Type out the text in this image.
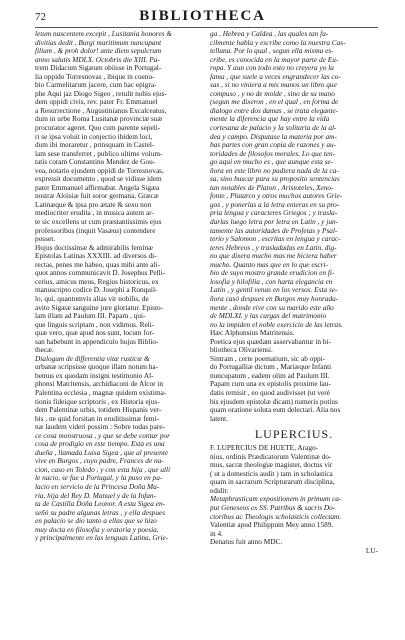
72	BIBLIOTHECA
letum nascentem excepit , Lusitania honores &
divitias dedit , Burgi maritimum nuncupant
filium , & proh dolor! ante diem sepulcrum
anno salutis MDLX. Octobris die XIII. Pa-
trem Didacum Sigæum obiisse in Portugal-
lia oppido Torresnovas , ibique in coeno-
bio Carmelitarum jacere, cum hac epigra-
phe Aqui jaz Diogo Sigeo , retulit nobis ejus-
dem oppidi civis, rev. pater Fr. Emmanuel
a Resurrectione , Augustinianus Excalceatus,
dum in urbe Roma Lusitanæ provinciæ suæ
procurator ageret. Quo cum parente sepeli-
ri se ipsa voluit in conjectio ibidem loci,
dum ibi moraretur , prinsquam in Castel-
lam sese transferret , publico ultime volum-
tatis coram Constantino Mendez de Gou-
vea, notario ejusdem oppidi de Torresnovas,
expressit documento , quod se vidisse idem
pater Emmanuel affirmabat. Angela Sigæa
nostræ Aloisiæ fuit soror germana, Græcæ
Latinæque & ipsa pro ætate & sexu non
mediocriter erudita , in musica autem ar-
te sic excellens ut cum præstantissimis ejus
professoribus (inquit Vasæus) contendere
posset.
Hujus doctissimæ & admirabilis feminæ
Epistolas Latinas XXXIII. ad diversos di-
rectas, penes me habeo, quas mihi ante ali-
quot annos communicavit D. Josephus Pelli-
cerius, amicus meus, Regius historicus, ex
manuscripto codice D. Josephi a Ronquil-
lo, qui, quantumvis alias vir nobilis, de
avito Sigææ sanguine jure gloriatur. Episto-
lam illam ad Paulum III. Papam , qui-
que linguis scriptam , non vidimus. Reli-
quæ vero, quæ apud nos sunt, locum for-
san habebunt in appendiculo hujus Biblio-
thecæ.
Dialogum de differentia vitæ rusticæ &
urbanæ scripsisse quoque illam notum ha-
bemus ex quodam insigni testimonio Al-
phonsi Matritensis, archidiaconi de Alcor in
Palentina ecclesia , magnæ quidem existima-
tionis fideique scriptoris , ex Historia ejus-
dem Palentinæ urbis, totidem Hispanis ver-
bis , ne quid forsitan in eruditissimæ femi-
næ laudem videri possim : Sobre todas pare-
ce cosa monstruosa , y que se debe contar por
cosa de prodigio en este tiempo. Esta es una
dueña , llamada Luisa Sigea , que al presente
vive en Burgos , cuyo padre, Frances de na-
cion, caso en Toledo , y con esta hija , que alli
le nacio, se fue a Portugal, y la puso en pa-
lacio en servicio de la Princesa Doña Ma-
ria, hija del Rey D. Manuel y de la Infan-
ta de Castilla Doña Leonor. A esta Sigea en-
señó su padre algunas letras , y ella despues
en palacio se dio tanto a ellas que se hizo
muy docta en filosofia y oratoria y poesia,
y principalmente en las lenguas Latina, Grie-
ga , Hebrea y Caldea , las quales tan fa-
cilmente habla y escribe como la nuestra Cas-
tellana. Por lo qual , segun ella misma es-
cribe, es conocida en la mayor parte de Eu-
ropa. Y aun con todo esto no creyera yo la
fama , que suele a veces engrandecer las co-
sas , si no viniera a mis manos un libro que
compuso , y no de molde , sino de su mano
(segun me dixeron , en el qual , en forma de
dialogo entre dos damas , se trata elegante-
mente la diferencia que hay entre la vida
cortesana de palacio y la solitaria de la al-
dea y campo. Disputase la materia por am-
bas partes con gran copia de razones y au-
toridades de filosofos morales. Lo que ten-
go aqui en mucho es , que aunque esta se-
ñora en este libro no pudiera nada de la ca-
sa, sino buscar para su proposito sentencias
tan notables de Platon , Aristoteles, Xeno-
fonte , Plutarco y otros muchos autores Grie-
gos , y ponerlas a la letra enteras en su pro-
pria lengua y caracteres Griegos ; y trasla-
darlas luego letra por letra en Latin , y jun-
tamente las autoridades de Profetas y Psal-
terio y Salomon , escritas en lengua y carac-
teres Hebreos , y trasladadas en Latin, dig-
no que dixera mucho mas me hiciera haber
mucho. Quanto mas que en lo que escri-
bio de suyo mostro grande erudicion en fi-
losofia y hilofilia , con harta elegancia en
Latin , y gentil venas en los versos. Esta se-
ñora casó despues en Burgos muy honrada-
mente , donde vive con su marido este año
de MDLXI. y las cargas del matrimonio
no la impiden el noble exercicio de las letras.
Hæc Alphonsius Matritensis.
Poetica ejus quædam asservabantur in bi-
bliotheca Olivariensi.
Sintram , certe poematium, sic ab oppi-
do Portugalliæ dictum , Mariæque Infanti
nuncupatum , eadem olim ad Paulum III.
Papam cum una ex epistolis proxime lau-
datis remisit , eo quod audivisset (ut verè
bis ejusdem epistolæ dicam) numeris potius
quam oratione soluta eum delectari. Alia nos
latent.
LUPERCIUS.
F. LUPERCIUS DE HUETE, Arago-
nius, ordinis Prædicatorum Valentinæ do-
mus, sacræ theologiæ magister, doctus vir
( ut a domesticis audit ) tam in scholastica
quam in sacrarum Scripturarum disciplina,
edidit:
Metaphrasticam expositionem in primum ca-
put Geneseos ex SS. Patribus & sacris Do-
ctoribus ac Theologis scholasticis collectam.
Valentiæ apud Philippum Mey anno 1589.
in 4.
Denatus fuit anno MDC.
LU-
